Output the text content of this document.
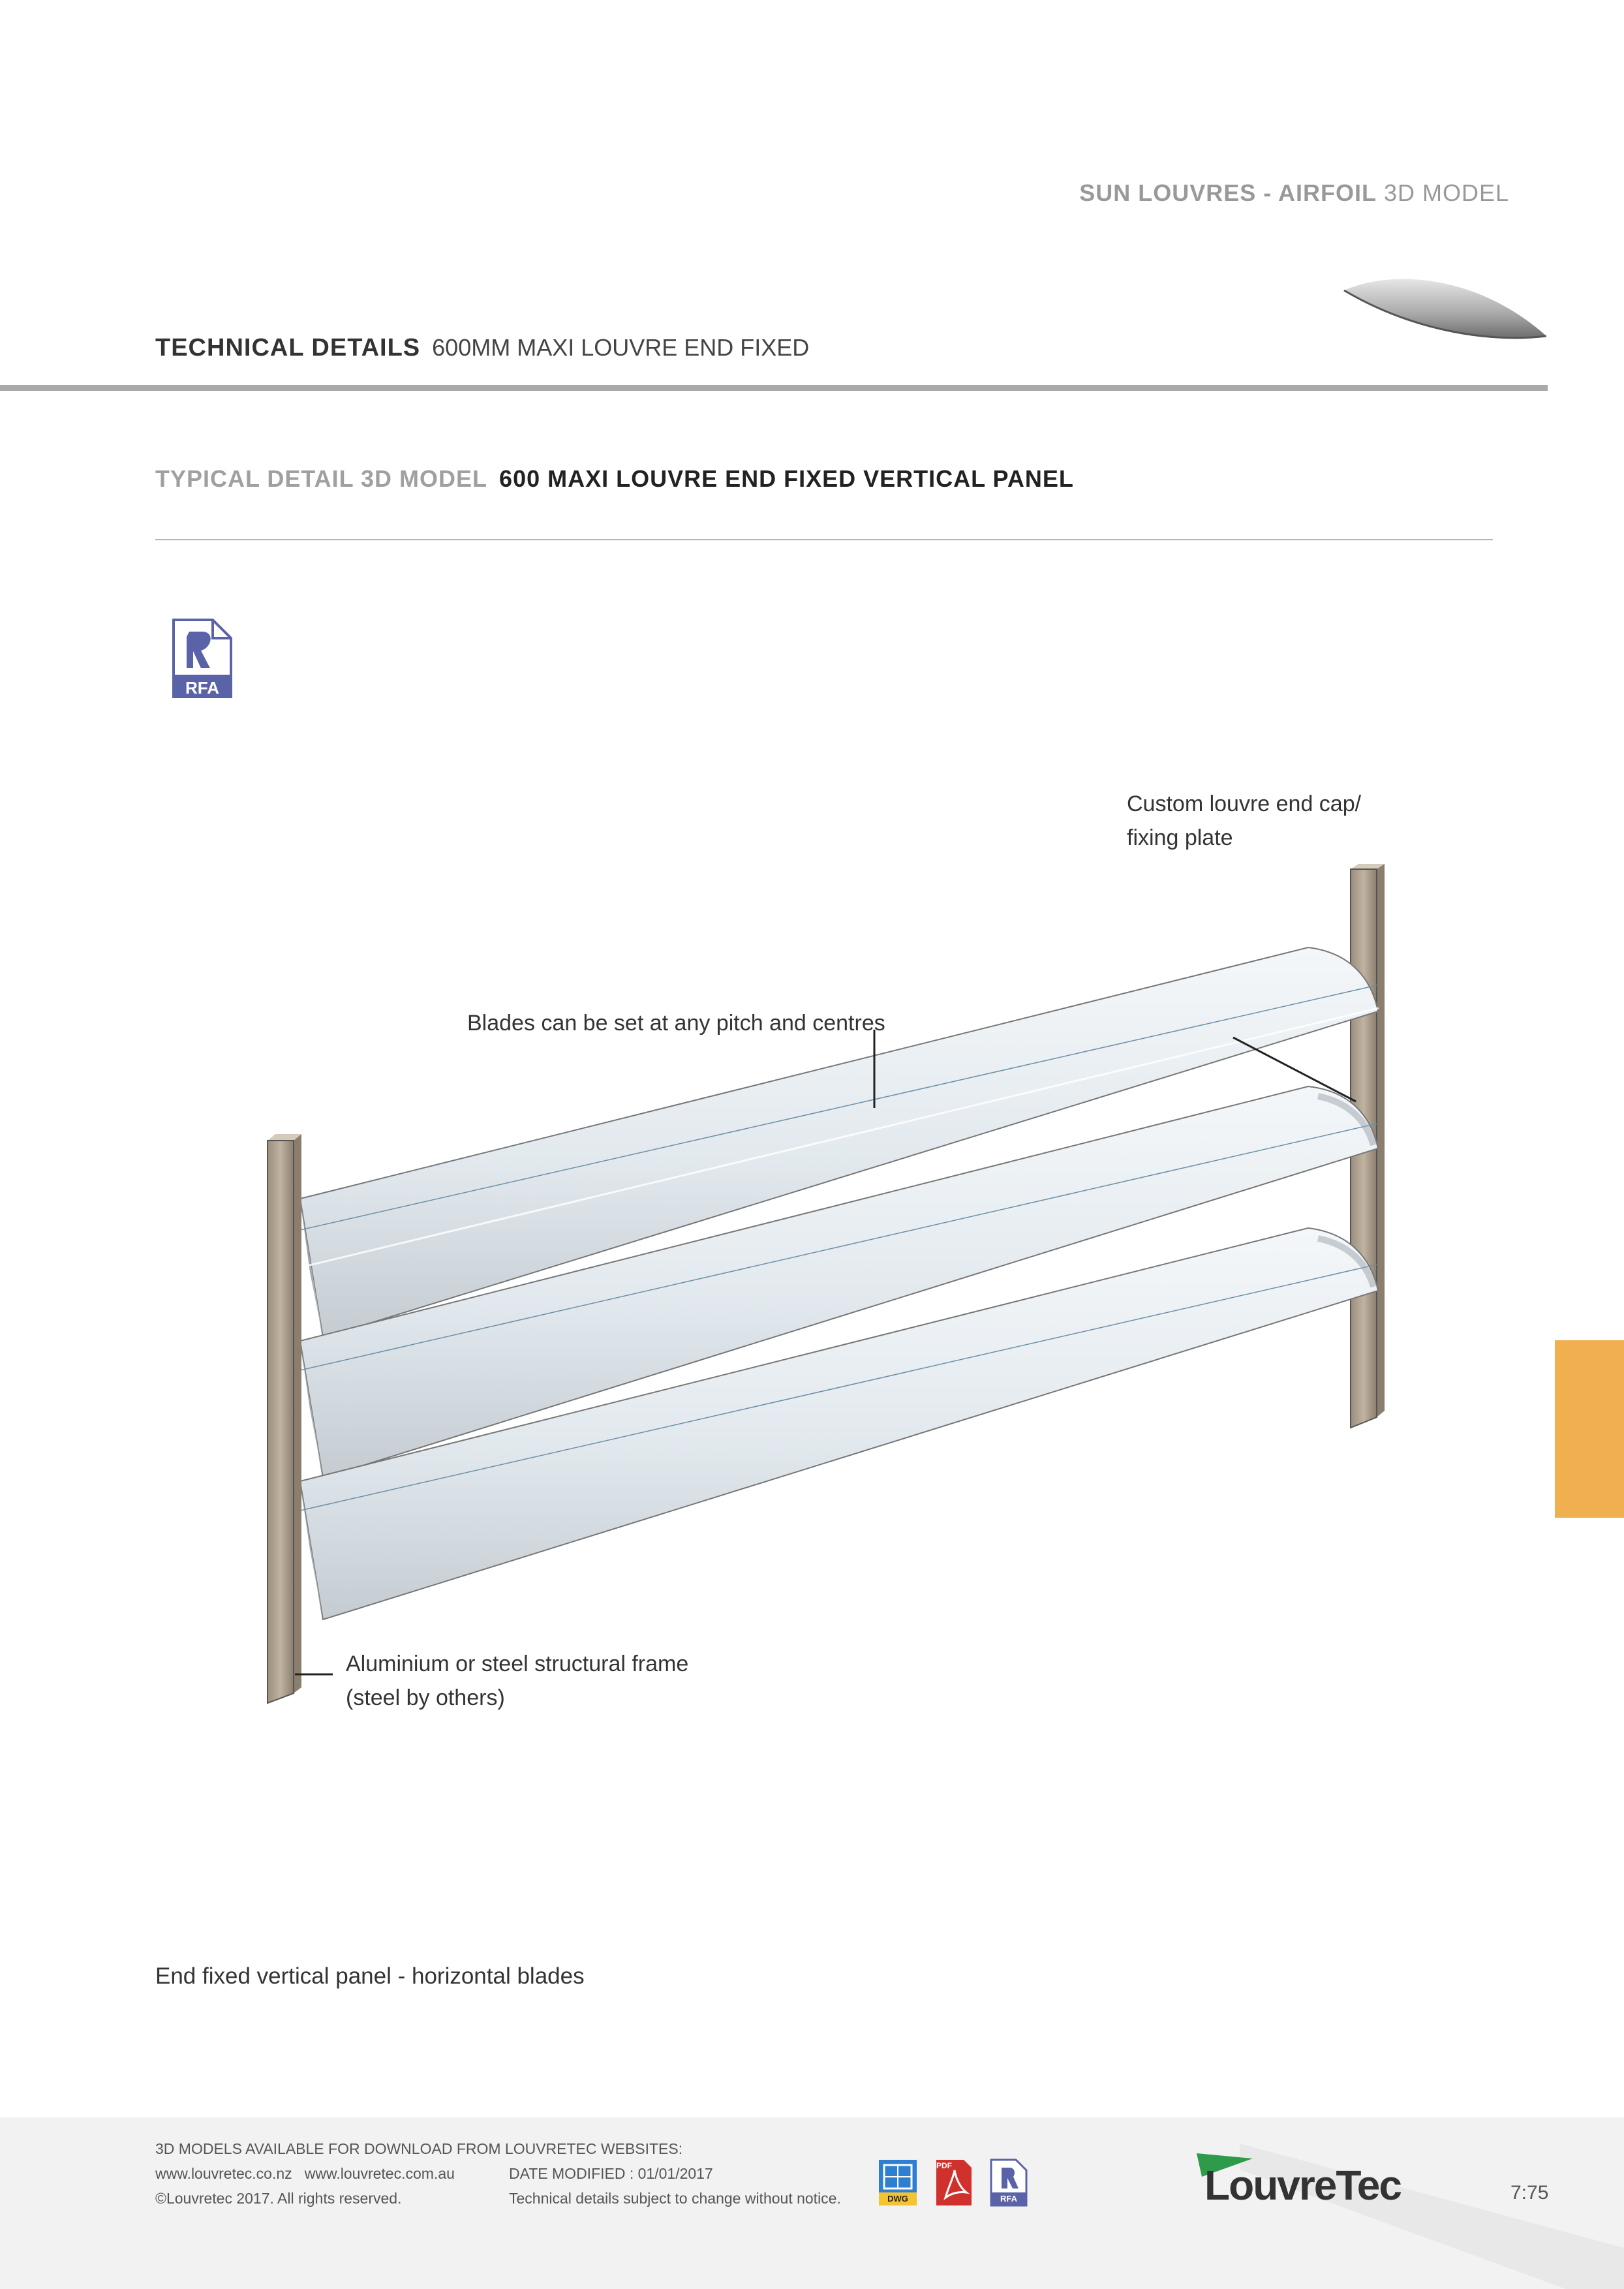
SUN LOUVRES - AIRFOIL 3D MODEL
TECHNICAL DETAILS 600MM MAXI LOUVRE END FIXED
TYPICAL DETAIL 3D MODEL 600 MAXI LOUVRE END FIXED VERTICAL PANEL
RFA
Custom louvre end cap/
fixing plate
Blades can be set at any pitch and centres
Aluminium or steel structural frame
(steel by others)
End fixed vertical panel - horizontal blades
3D MODELS AVAILABLE FOR DOWNLOAD FROM LOUVRETEC WEBSITES:
www.louvretec.co.nz   www.louvretec.com.au
©Louvretec 2017. All rights reserved.
DATE MODIFIED : 01/01/2017
Technical details subject to change without notice.	DWG
PDF
RFA	LouvreTec	7:75
